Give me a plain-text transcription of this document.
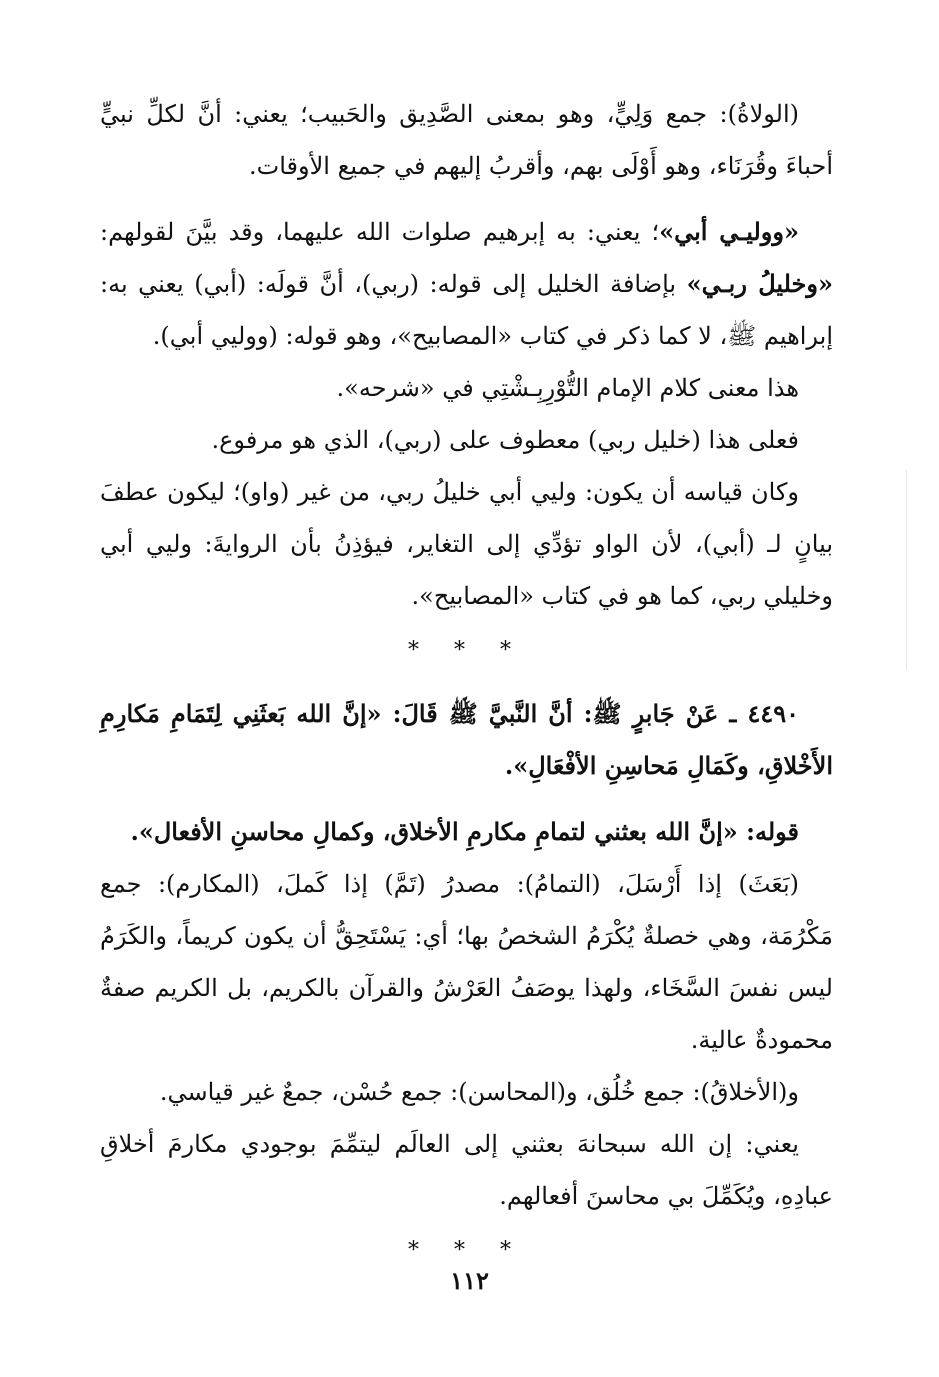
(الولاةُ): جمع وَلِيٍّ، وهو بمعنى الصَّدِيق والحَبيب؛ يعني: أنَّ لكلِّ نبيٍّ أحباءَ وقُرَنَاء، وهو أَوْلَى بهم، وأقربُ إليهم في جميع الأوقات.

«ووليـي أبي»؛ يعني: به إبرهيم صلوات الله عليهما، وقد بيَّنَ لقولهم: «وخليلُ ربـي» بإضافة الخليل إلى قوله: (ربي)، أنَّ قولَه: (أبي) يعني به: إبراهيم ﷺ، لا كما ذكر في كتاب «المصابيح»، وهو قوله: (ووليي أبي).

هذا معنى كلام الإمام التُّوْرِبِـشْتِي في «شرحه».

فعلى هذا (خليل ربي) معطوف على (ربي)، الذي هو مرفوع.

وكان قياسه أن يكون: وليي أبي خليلُ ربي، من غير (واو)؛ ليكون عطفَ بيانٍ لـ (أبي)، لأن الواو تؤدِّي إلى التغاير، فيؤذِنُ بأن الروايةَ: وليي أبي وخليلي ربي، كما هو في كتاب «المصابيح».

* * *

٤٤٩٠ ـ عَنْ جَابرٍ ﷺ: أنَّ النَّبيَّ ﷺ قَالَ: «إنَّ الله بَعثَنِي لِتَمَامِ مَكارِمِ الأَخْلاقِ، وكَمَالِ مَحاسِنِ الأفْعَالِ».

قوله: «إنَّ الله بعثني لتمامِ مكارمِ الأخلاق، وكمالِ محاسنِ الأفعال».

(بَعَثَ) إذا أَرْسَلَ، (التمامُ): مصدرُ (تَمَّ) إذا كَملَ، (المكارم): جمع مَكْرُمَة، وهي خصلةٌ يُكْرَمُ الشخصُ بها؛ أي: يَسْتَحِقُّ أن يكون كريماً، والكَرَمُ ليس نفسَ السَّخَاء، ولهذا يوصَفُ العَرْشُ والقرآن بالكريم، بل الكريم صفةٌ محمودةٌ عالية.

و(الأخلاقُ): جمع خُلُق، و(المحاسن): جمع حُسْن، جمعٌ غير قياسي.

يعني: إن الله سبحانهَ بعثني إلى العالَم ليتمِّمَ بوجودي مكارمَ أخلاقِ عبادِهِ، ويُكَمِّلَ بي محاسنَ أفعالهم.

* * *
١١٢
